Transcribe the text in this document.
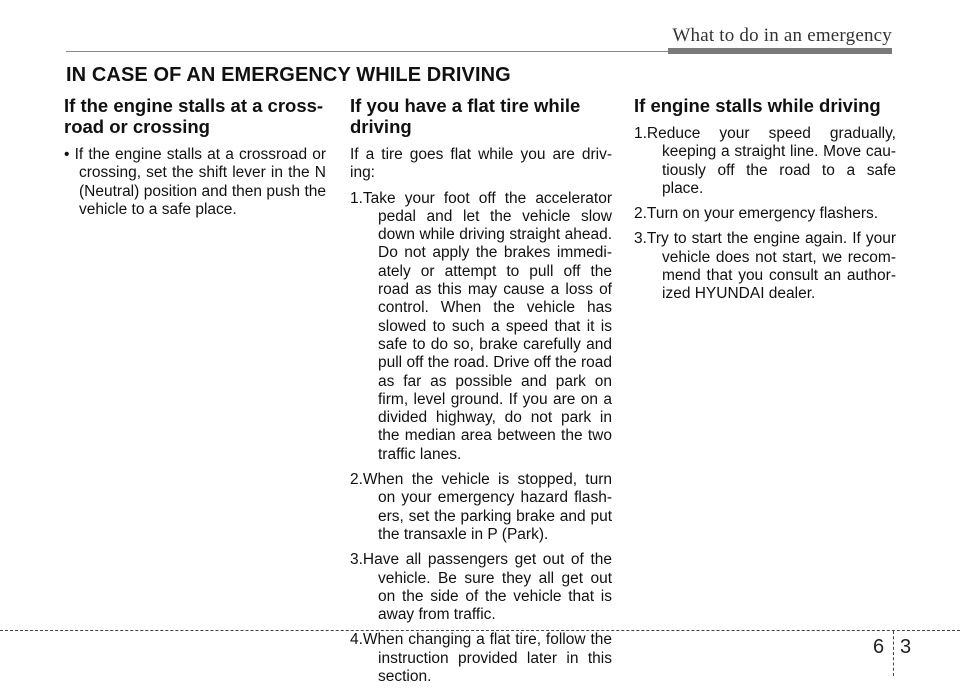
What to do in an emergency
IN CASE OF AN EMERGENCY WHILE DRIVING
If the engine stalls at a cross-
road or crossing
• If the engine stalls at a crossroad or crossing, set the shift lever in the N (Neutral) position and then push the vehicle to a safe place.
If you have a flat tire while
driving

If a tire goes flat while you are driv-ing:

1.Take your foot off the accelerator pedal and let the vehicle slow down while driving straight ahead. Do not apply the brakes immedi-ately or attempt to pull off the road as this may cause a loss of control. When the vehicle has slowed to such a speed that it is safe to do so, brake carefully and pull off the road. Drive off the road as far as possible and park on firm, level ground. If you are on a divided highway, do not park in the median area between the two traffic lanes.
2.When the vehicle is stopped, turn on your emergency hazard flash-ers, set the parking brake and put the transaxle in P (Park).
3.Have all passengers get out of the vehicle. Be sure they all get out on the side of the vehicle that is away from traffic.
4.When changing a flat tire, follow the instruction provided later in this section.
If engine stalls while driving
1.Reduce your speed gradually, keeping a straight line. Move cau-tiously off the road to a safe place.
2.Turn on your emergency flashers.
3.Try to start the engine again. If your vehicle does not start, we recom-mend that you consult an author-ized HYUNDAI dealer.
6 3
